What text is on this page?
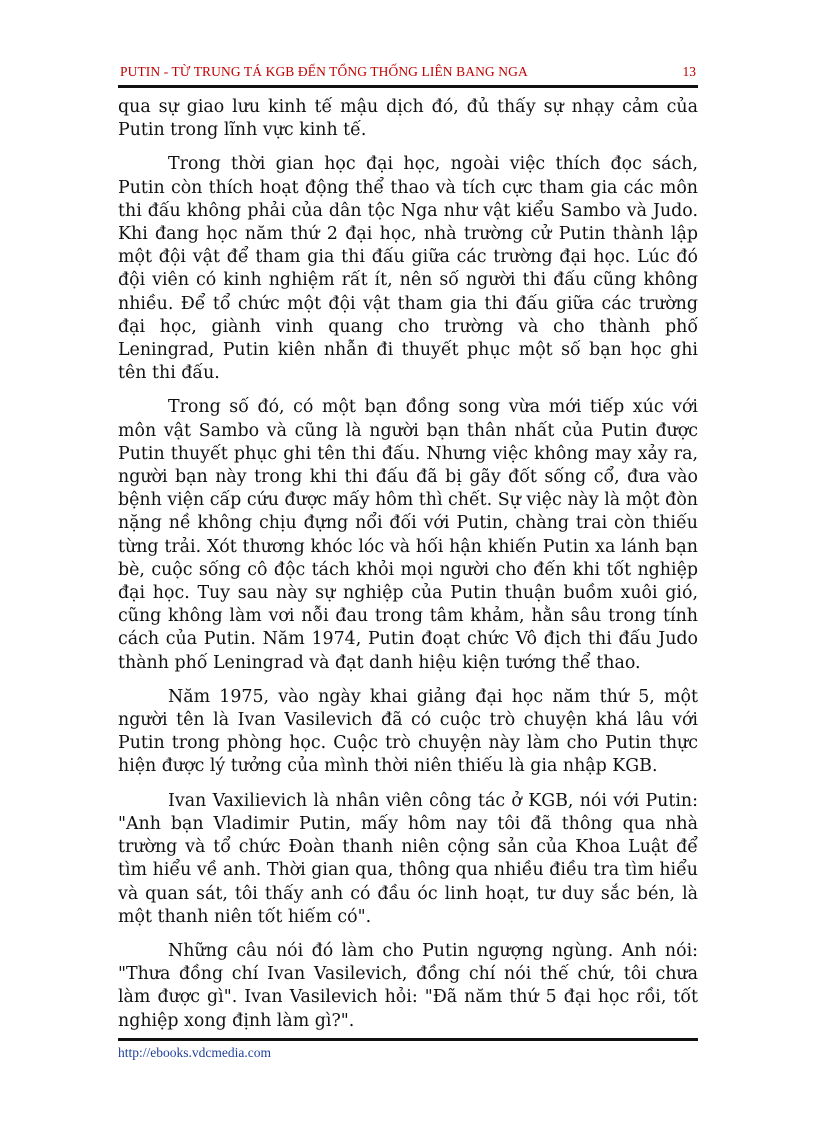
PUTIN - TỪ TRUNG TÁ KGB ĐẾN TỔNG THỐNG LIÊN BANG NGA	13

qua sự giao lưu kinh tế mậu dịch đó, đủ thấy sự nhạy cảm của Putin trong lĩnh vực kinh tế.

Trong thời gian học đại học, ngoài việc thích đọc sách, Putin còn thích hoạt động thể thao và tích cực tham gia các môn thi đấu không phải của dân tộc Nga như vật kiểu Sambo và Judo. Khi đang học năm thứ 2 đại học, nhà trường cử Putin thành lập một đội vật để tham gia thi đấu giữa các trường đại học. Lúc đó đội viên có kinh nghiệm rất ít, nên số người thi đấu cũng không nhiều. Để tổ chức một đội vật tham gia thi đấu giữa các trường đại học, giành vinh quang cho trường và cho thành phố Leningrad, Putin kiên nhẫn đi thuyết phục một số bạn học ghi tên thi đấu.

Trong số đó, có một bạn đồng song vừa mới tiếp xúc với môn vật Sambo và cũng là người bạn thân nhất của Putin được Putin thuyết phục ghi tên thi đấu. Nhưng việc không may xảy ra, người bạn này trong khi thi đấu đã bị gãy đốt sống cổ, đưa vào bệnh viện cấp cứu được mấy hôm thì chết. Sự việc này là một đòn nặng nề không chịu đựng nổi đối với Putin, chàng trai còn thiếu từng trải. Xót thương khóc lóc và hối hận khiến Putin xa lánh bạn bè, cuộc sống cô độc tách khỏi mọi người cho đến khi tốt nghiệp đại học. Tuy sau này sự nghiệp của Putin thuận buồm xuôi gió, cũng không làm vơi nỗi đau trong tâm khảm, hằn sâu trong tính cách của Putin. Năm 1974, Putin đoạt chức Vô địch thi đấu Judo thành phố Leningrad và đạt danh hiệu kiện tướng thể thao.

Năm 1975, vào ngày khai giảng đại học năm thứ 5, một người tên là Ivan Vasilevich đã có cuộc trò chuyện khá lâu với Putin trong phòng học. Cuộc trò chuyện này làm cho Putin thực hiện được lý tưởng của mình thời niên thiếu là gia nhập KGB.

Ivan Vaxilievich là nhân viên công tác ở KGB, nói với Putin: "Anh bạn Vladimir Putin, mấy hôm nay tôi đã thông qua nhà trường và tổ chức Đoàn thanh niên cộng sản của Khoa Luật để tìm hiểu về anh. Thời gian qua, thông qua nhiều điều tra tìm hiểu và quan sát, tôi thấy anh có đầu óc linh hoạt, tư duy sắc bén, là một thanh niên tốt hiếm có".

Những câu nói đó làm cho Putin ngượng ngùng. Anh nói: "Thưa đồng chí Ivan Vasilevich, đồng chí nói thế chứ, tôi chưa làm được gì". Ivan Vasilevich hỏi: "Đã năm thứ 5 đại học rồi, tốt nghiệp xong định làm gì?".

http://ebooks.vdcmedia.com
